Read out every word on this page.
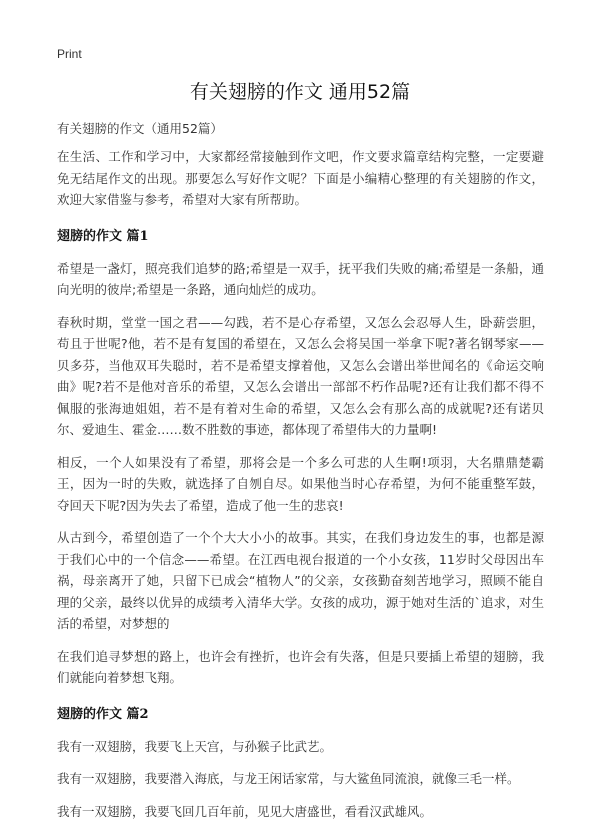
Print
有关翅膀的作文 通用52篇

有关翅膀的作文（通用52篇）

在生活、工作和学习中，大家都经常接触到作文吧，作文要求篇章结构完整，一定要避免无结尾作文的出现。那要怎么写好作文呢？下面是小编精心整理的有关翅膀的作文，欢迎大家借鉴与参考，希望对大家有所帮助。

翅膀的作文 篇1

希望是一盏灯，照亮我们追梦的路;希望是一双手，抚平我们失败的痛;希望是一条船，通向光明的彼岸;希望是一条路，通向灿烂的成功。

春秋时期，堂堂一国之君——勾践，若不是心存希望，又怎么会忍辱人生，卧薪尝胆，苟且于世呢?他，若不是有复国的希望在，又怎么会将吴国一举拿下呢?著名钢琴家——贝多芬，当他双耳失聪时，若不是希望支撑着他，又怎么会谱出举世闻名的《命运交响曲》呢?若不是他对音乐的希望，又怎么会谱出一部部不朽作品呢?还有让我们都不得不佩服的张海迪姐姐，若不是有着对生命的希望，又怎么会有那么高的成就呢?还有诺贝尔、爱迪生、霍金……数不胜数的事迹，都体现了希望伟大的力量啊!

相反，一个人如果没有了希望，那将会是一个多么可悲的人生啊!项羽，大名鼎鼎楚霸王，因为一时的失败，就选择了自刎自尽。如果他当时心存希望，为何不能重整军鼓，夺回天下呢?因为失去了希望，造成了他一生的悲哀!

从古到今，希望创造了一个个大大小小的故事。其实，在我们身边发生的事，也都是源于我们心中的一个信念——希望。在江西电视台报道的一个小女孩，11岁时父母因出车祸，母亲离开了她，只留下已成会“植物人”的父亲，女孩勤奋刻苦地学习，照顾不能自理的父亲，最终以优异的成绩考入清华大学。女孩的成功，源于她对生活的`追求，对生活的希望，对梦想的

在我们追寻梦想的路上，也许会有挫折，也许会有失落，但是只要插上希望的翅膀，我们就能向着梦想飞翔。

翅膀的作文 篇2

我有一双翅膀，我要飞上天宫，与孙猴子比武艺。

我有一双翅膀，我要潜入海底，与龙王闲话家常，与大鲨鱼同流浪，就像三毛一样。

我有一双翅膀，我要飞回几百年前，见见大唐盛世，看看汉武雄风。
